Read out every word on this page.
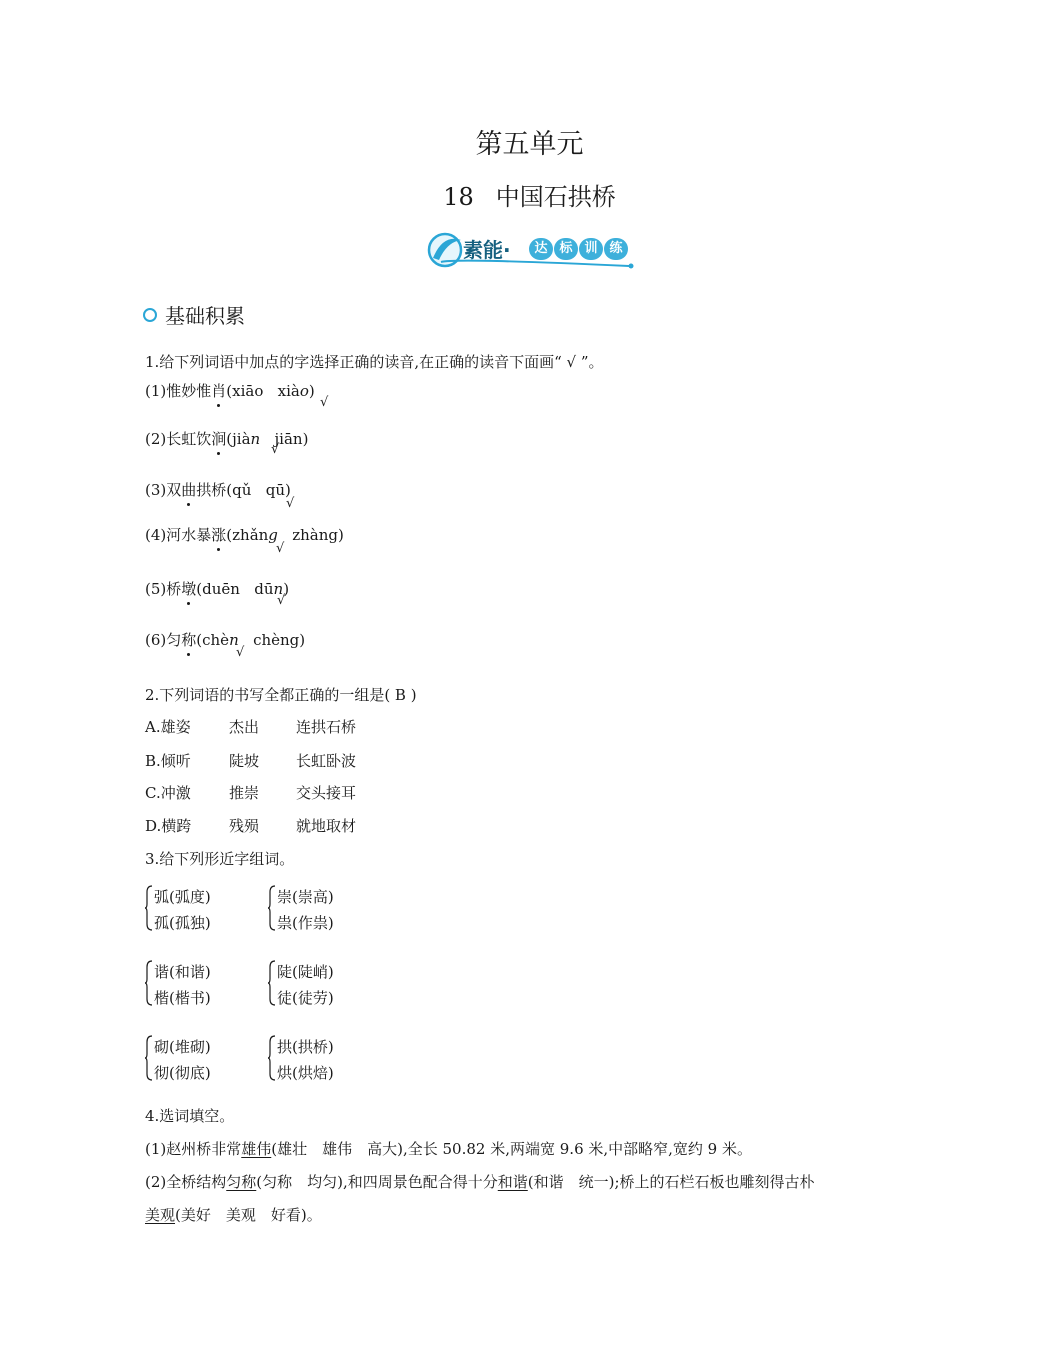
第五单元
18 中国石拱桥
素能·	达 标 训 练
基础积累
1.给下列词语中加点的字选择正确的读音,在正确的读音下面画“ √ ”。
(1)惟妙惟肖(xiāo xiào)
√
(2)长虹饮涧(jiàn jiān)
√
(3)双曲拱桥(qǔ qū)
√
(4)河水暴涨(zhǎng zhàng)
√
(5)桥墩(duēn dūn)
√
(6)匀称(chèn chèng)
√
2.下列词语的书写全都正确的一组是( B )
A.雄姿	杰出 连拱石桥
B.倾听	陡坡 长虹卧波
C.冲激	推崇 交头接耳
D.横跨	残殒 就地取材
3.给下列形近字组词。
弧(弧度)
孤(孤独)
崇(崇高)
祟(作祟)
谐(和谐)
楷(楷书)
陡(陡峭)
徒(徒劳)
砌(堆砌)
彻(彻底)
拱(拱桥)
烘(烘焙)
4.选词填空。
(1)赵州桥非常雄伟(雄壮　雄伟　高大),全长 50.82 米,两端宽 9.6 米,中部略窄,宽约 9 米。
(2)全桥结构匀称(匀称　均匀),和四周景色配合得十分和谐(和谐　统一);桥上的石栏石板也雕刻得古朴
美观(美好　美观　好看)。
